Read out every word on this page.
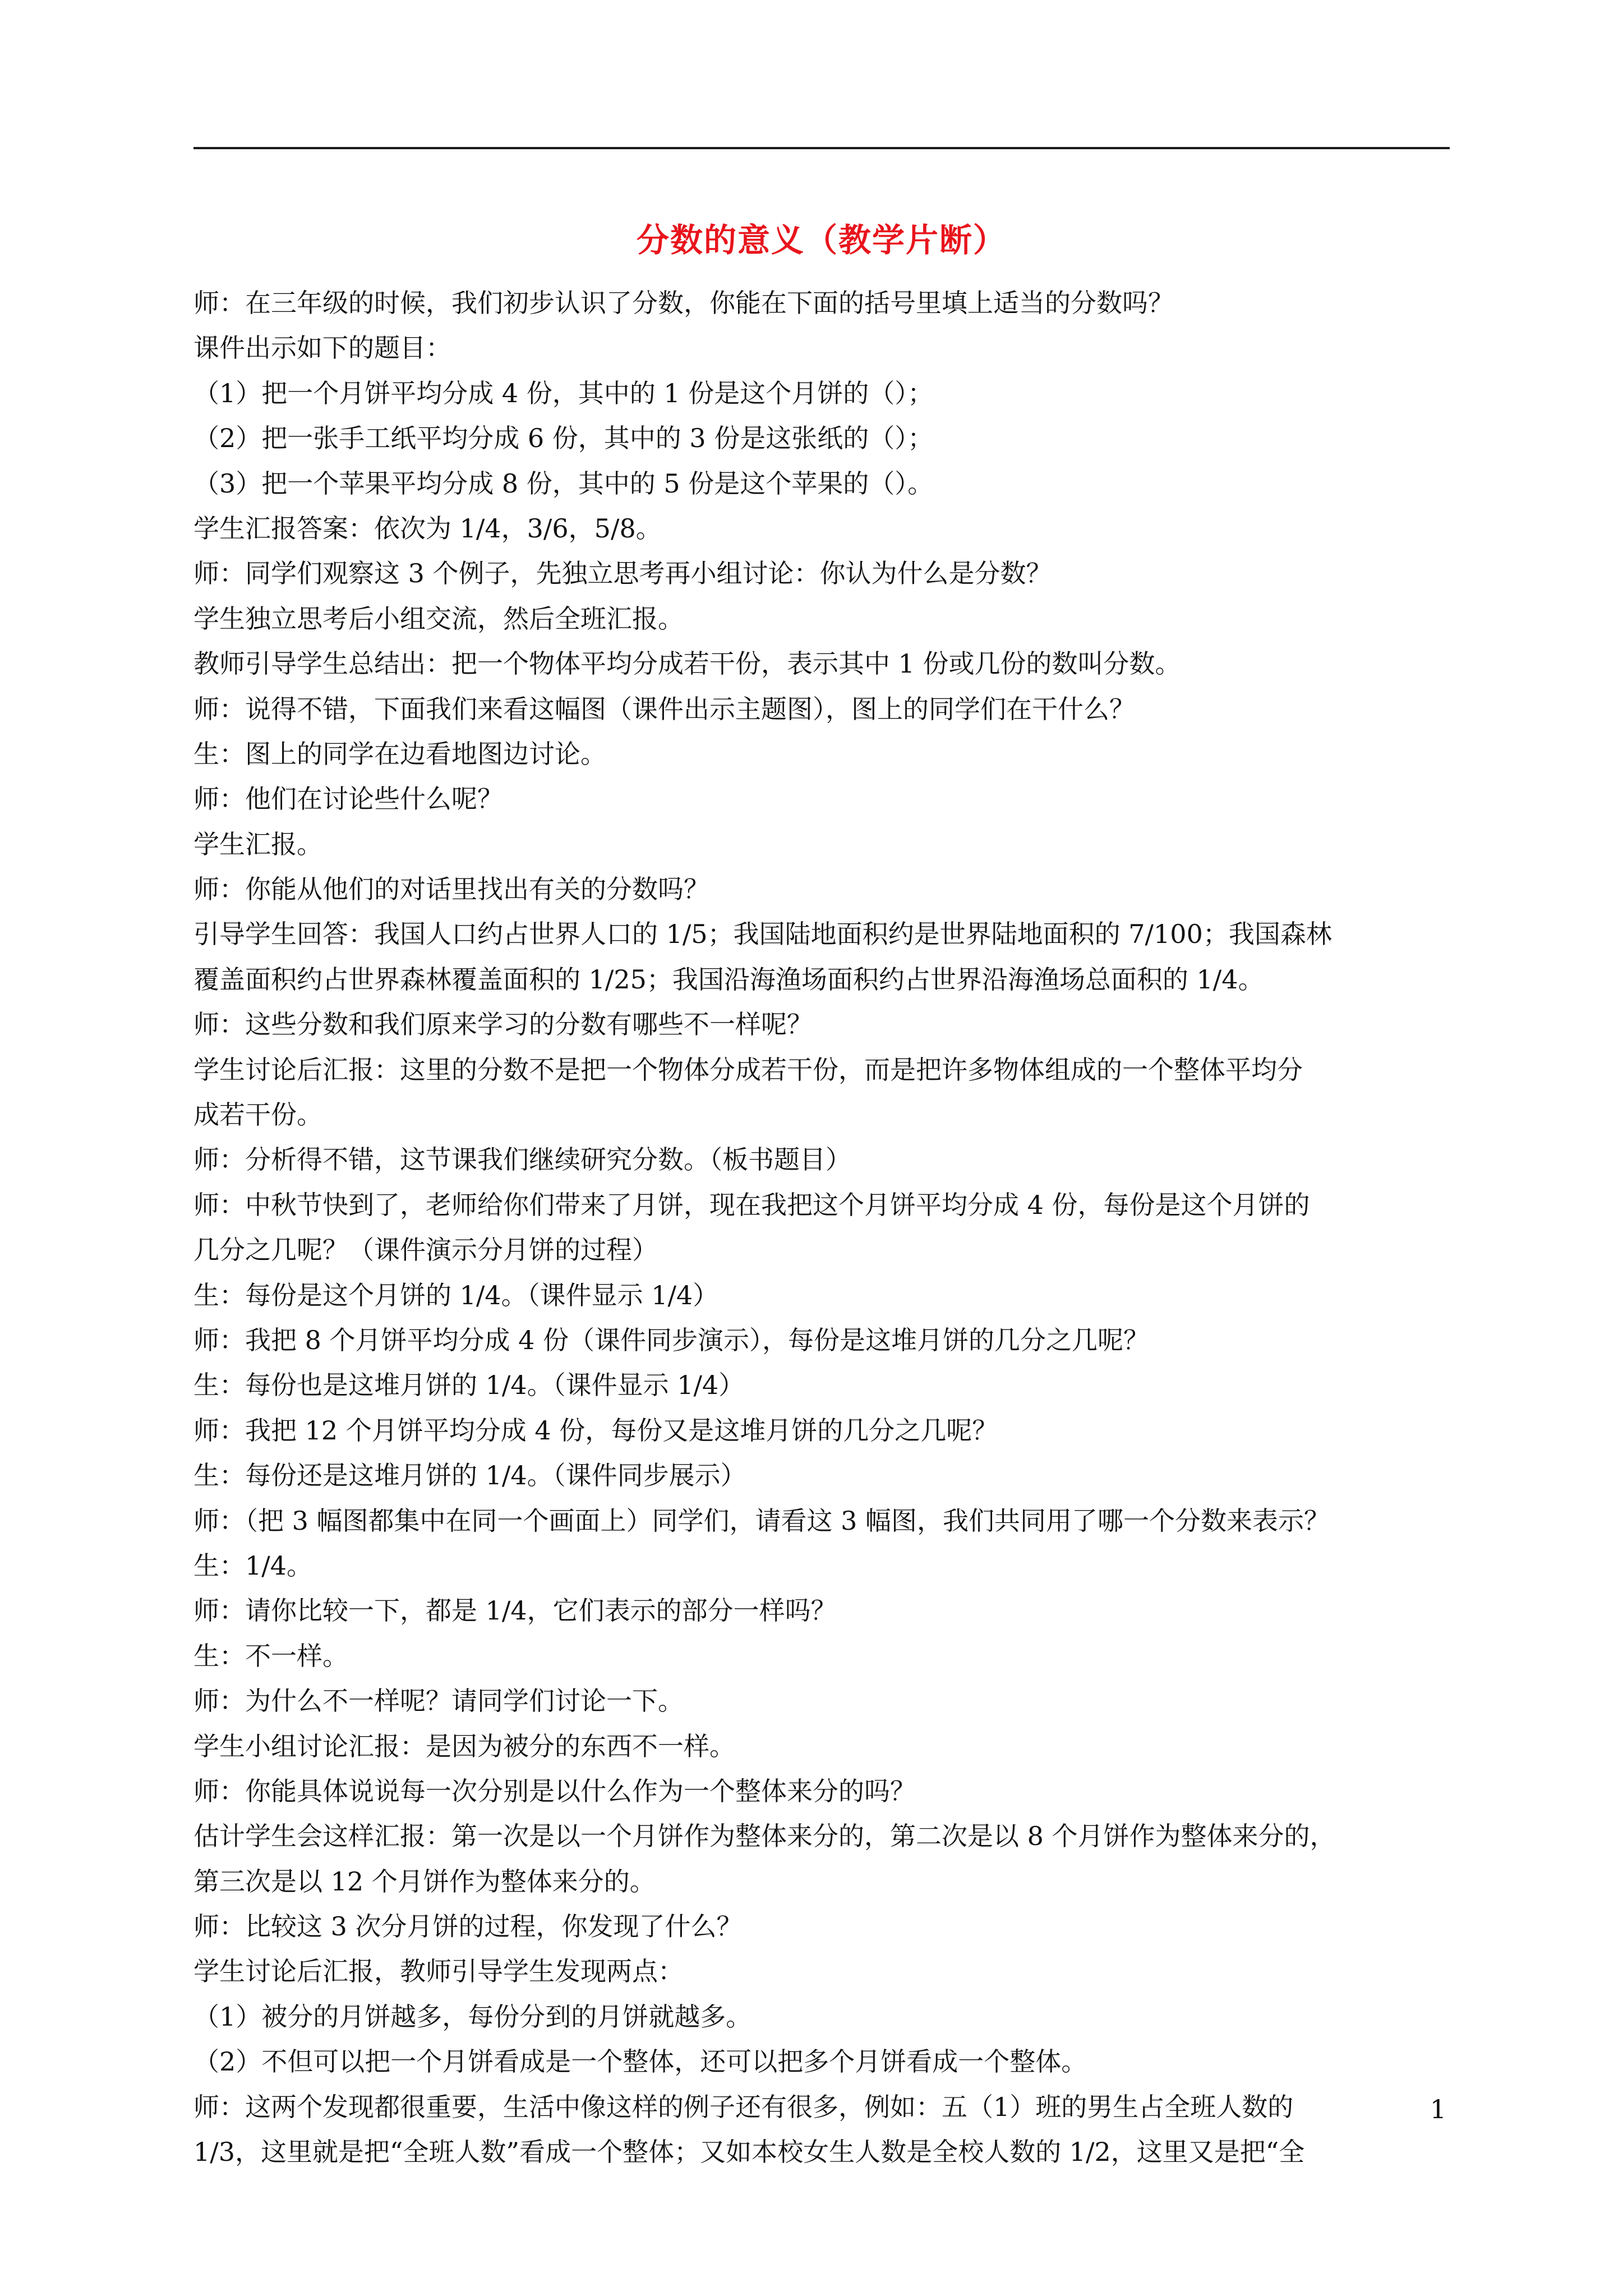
分数的意义（教学片断）
师：在三年级的时候，我们初步认识了分数，你能在下面的括号里填上适当的分数吗？
课件出示如下的题目：
（1）把一个月饼平均分成 4 份，其中的 1 份是这个月饼的（）；
（2）把一张手工纸平均分成 6 份，其中的 3 份是这张纸的（）；
（3）把一个苹果平均分成 8 份，其中的 5 份是这个苹果的（）。
学生汇报答案：依次为 1/4，3/6，5/8。
师：同学们观察这 3 个例子，先独立思考再小组讨论：你认为什么是分数？
学生独立思考后小组交流，然后全班汇报。
教师引导学生总结出：把一个物体平均分成若干份，表示其中 1 份或几份的数叫分数。
师：说得不错，下面我们来看这幅图（课件出示主题图），图上的同学们在干什么？
生：图上的同学在边看地图边讨论。
师：他们在讨论些什么呢？
学生汇报。
师：你能从他们的对话里找出有关的分数吗？
引导学生回答：我国人口约占世界人口的 1/5；我国陆地面积约是世界陆地面积的 7/100；我国森林
覆盖面积约占世界森林覆盖面积的 1/25；我国沿海渔场面积约占世界沿海渔场总面积的 1/4。
师：这些分数和我们原来学习的分数有哪些不一样呢？
学生讨论后汇报：这里的分数不是把一个物体分成若干份，而是把许多物体组成的一个整体平均分
成若干份。
师：分析得不错，这节课我们继续研究分数。（板书题目）
师：中秋节快到了，老师给你们带来了月饼，现在我把这个月饼平均分成 4 份，每份是这个月饼的
几分之几呢？（课件演示分月饼的过程）
生：每份是这个月饼的 1/4。（课件显示 1/4）
师：我把 8 个月饼平均分成 4 份（课件同步演示），每份是这堆月饼的几分之几呢？
生：每份也是这堆月饼的 1/4。（课件显示 1/4）
师：我把 12 个月饼平均分成 4 份，每份又是这堆月饼的几分之几呢？
生：每份还是这堆月饼的 1/4。（课件同步展示）
师：（把 3 幅图都集中在同一个画面上）同学们，请看这 3 幅图，我们共同用了哪一个分数来表示？
生：1/4。
师：请你比较一下，都是 1/4，它们表示的部分一样吗？
生：不一样。
师：为什么不一样呢？请同学们讨论一下。
学生小组讨论汇报：是因为被分的东西不一样。
师：你能具体说说每一次分别是以什么作为一个整体来分的吗？
估计学生会这样汇报：第一次是以一个月饼作为整体来分的，第二次是以 8 个月饼作为整体来分的，
第三次是以 12 个月饼作为整体来分的。
师：比较这 3 次分月饼的过程，你发现了什么？
学生讨论后汇报，教师引导学生发现两点：
（1）被分的月饼越多，每份分到的月饼就越多。
（2）不但可以把一个月饼看成是一个整体，还可以把多个月饼看成一个整体。
师：这两个发现都很重要，生活中像这样的例子还有很多，例如：五（1）班的男生占全班人数的
1/3，这里就是把“全班人数”看成一个整体；又如本校女生人数是全校人数的 1/2，这里又是把“全
1
